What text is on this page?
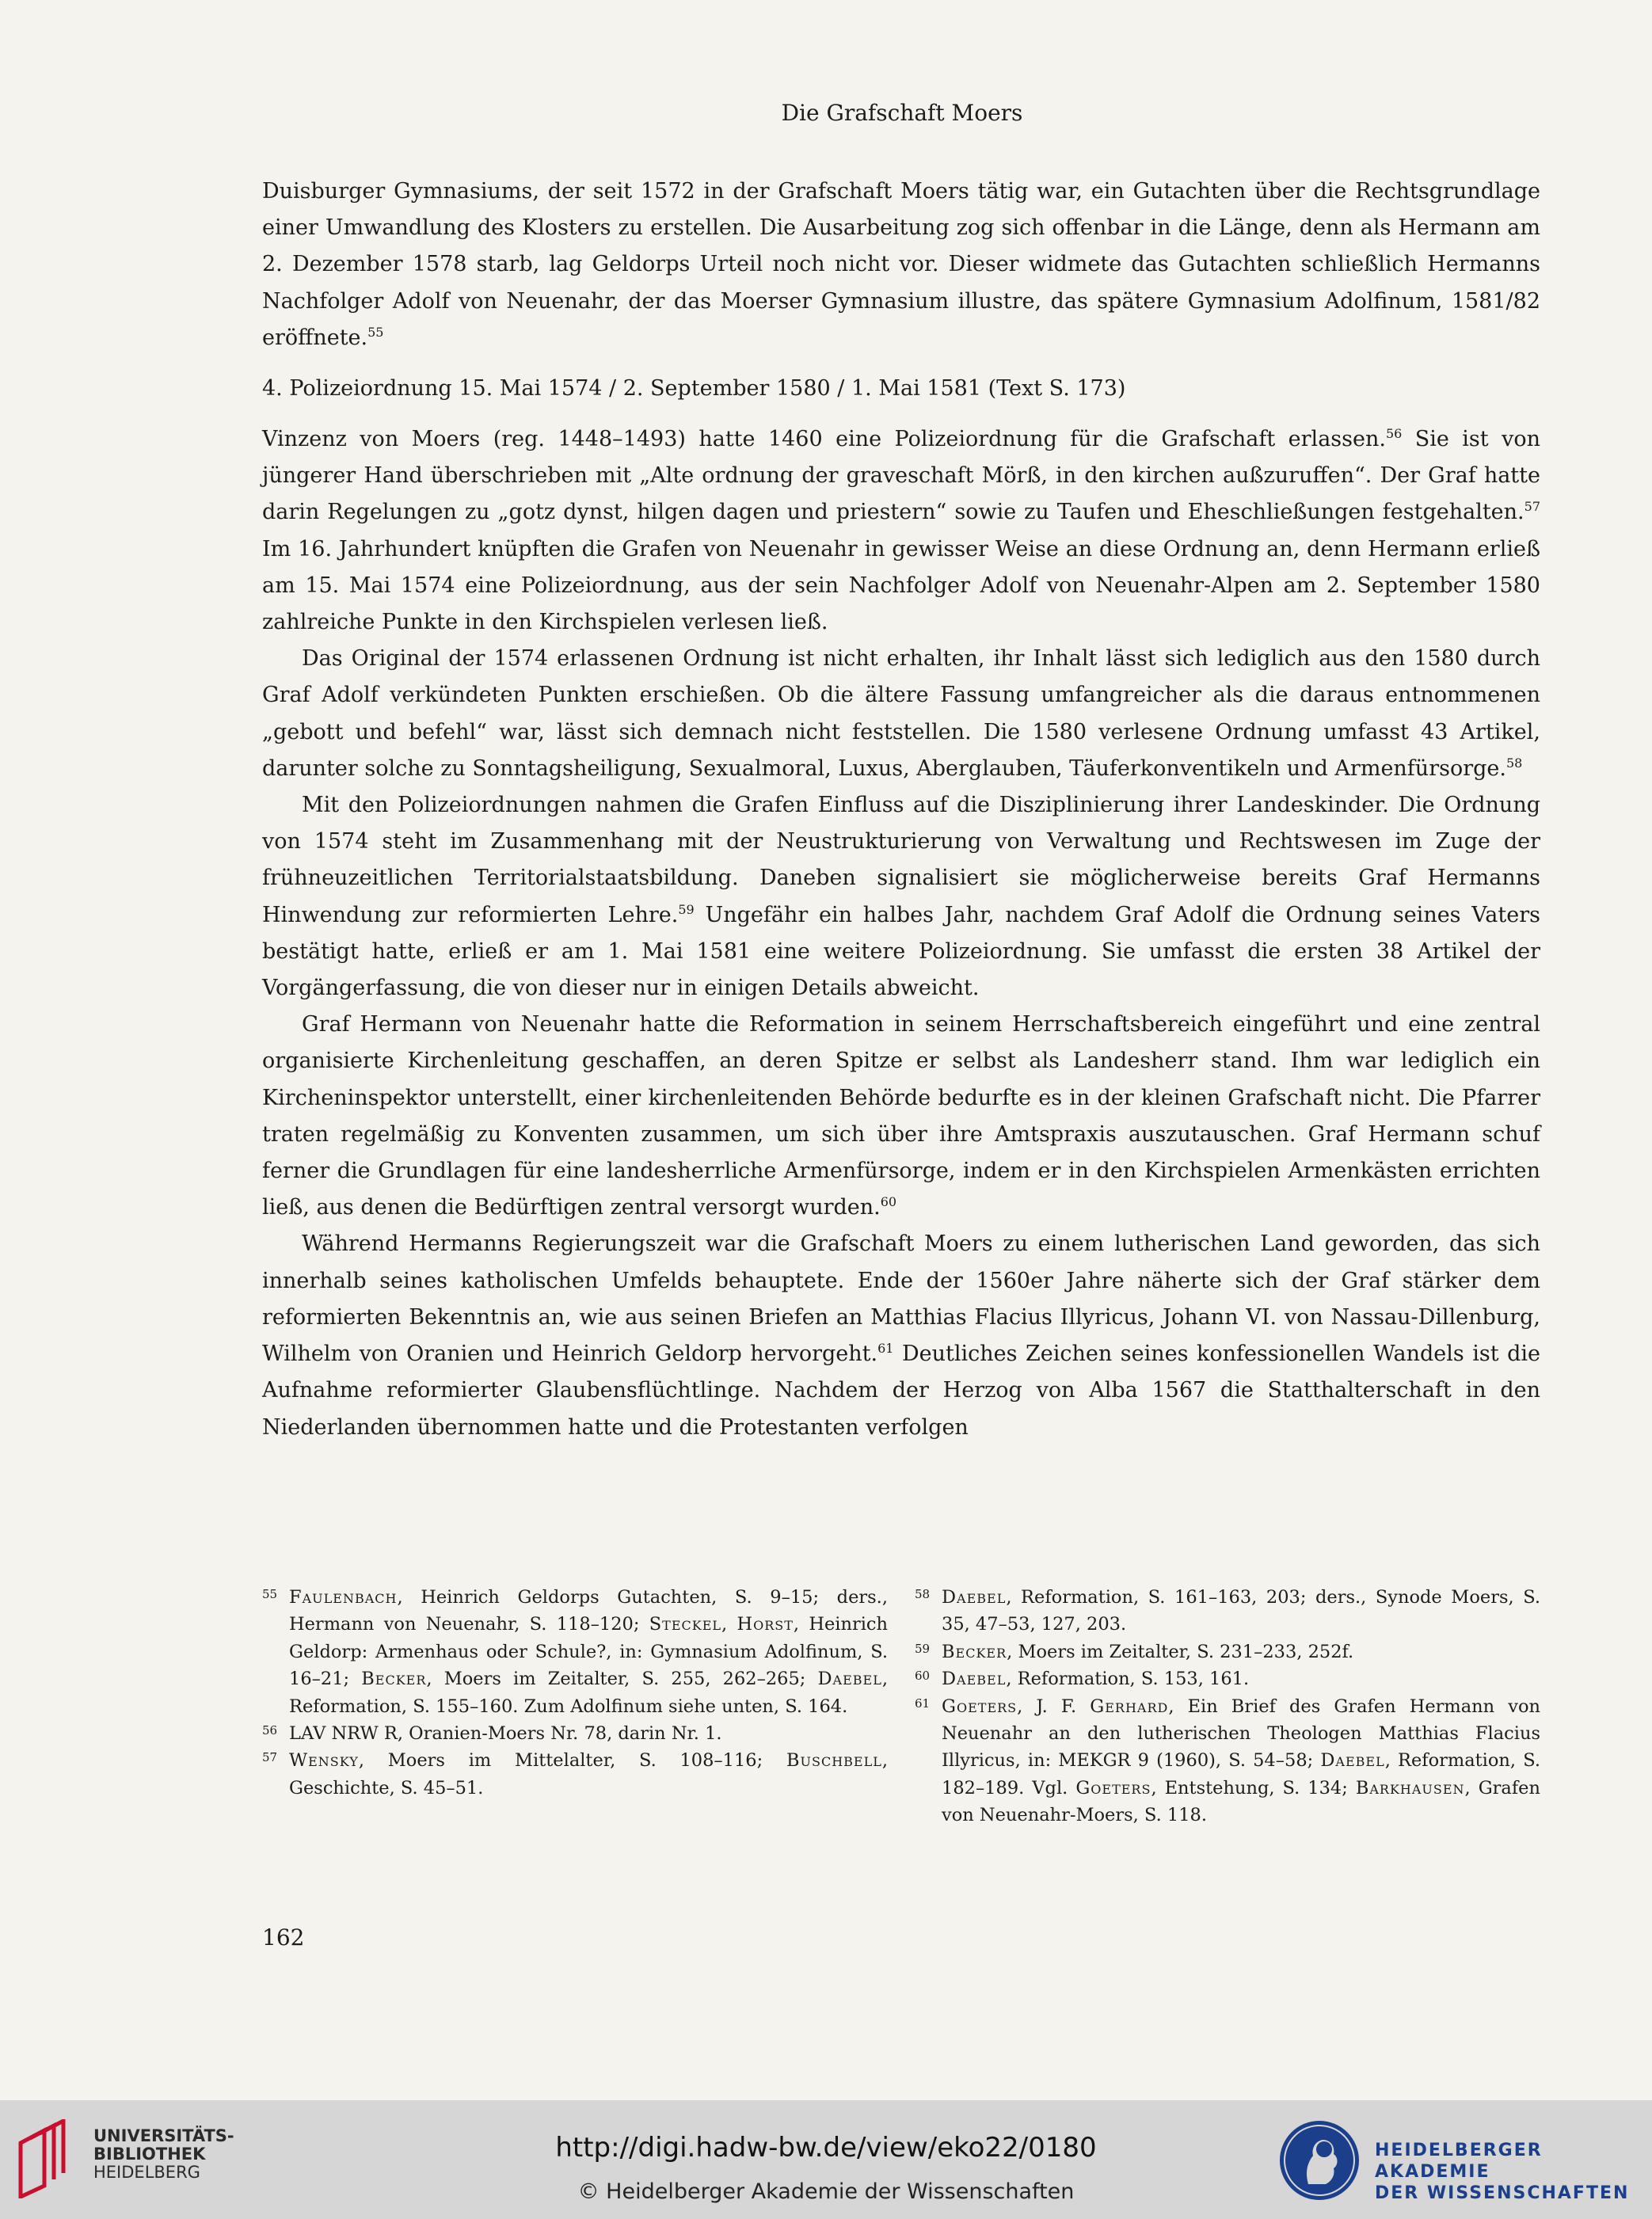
Die Grafschaft Moers

Duisburger Gymnasiums, der seit 1572 in der Grafschaft Moers tätig war, ein Gutachten über die Rechtsgrundlage einer Umwandlung des Klosters zu erstellen. Die Ausarbeitung zog sich offenbar in die Länge, denn als Hermann am 2. Dezember 1578 starb, lag Geldorps Urteil noch nicht vor. Dieser widmete das Gutachten schließlich Hermanns Nachfolger Adolf von Neuenahr, der das Moerser Gymnasium illustre, das spätere Gymnasium Adolfinum, 1581/82 eröffnete.$^{55}$

4. Polizeiordnung 15. Mai 1574 / 2. September 1580 / 1. Mai 1581 (Text S. 173)

Vinzenz von Moers (reg. 1448–1493) hatte 1460 eine Polizeiordnung für die Grafschaft erlassen.$^{56}$ Sie ist von jüngerer Hand überschrieben mit „Alte ordnung der graveschaft Mörß, in den kirchen außzuruffen“. Der Graf hatte darin Regelungen zu „gotz dynst, hilgen dagen und priestern“ sowie zu Taufen und Eheschließungen festgehalten.$^{57}$ Im 16. Jahrhundert knüpften die Grafen von Neuenahr in gewisser Weise an diese Ordnung an, denn Hermann erließ am 15. Mai 1574 eine Polizeiordnung, aus der sein Nachfolger Adolf von Neuenahr-Alpen am 2. September 1580 zahlreiche Punkte in den Kirchspielen verlesen ließ.

Das Original der 1574 erlassenen Ordnung ist nicht erhalten, ihr Inhalt lässt sich lediglich aus den 1580 durch Graf Adolf verkündeten Punkten erschießen. Ob die ältere Fassung umfangreicher als die daraus entnommenen „gebott und befehl“ war, lässt sich demnach nicht feststellen. Die 1580 verlesene Ordnung umfasst 43 Artikel, darunter solche zu Sonntagsheiligung, Sexualmoral, Luxus, Aberglauben, Täuferkonventikeln und Armenfürsorge.$^{58}$

Mit den Polizeiordnungen nahmen die Grafen Einfluss auf die Disziplinierung ihrer Landeskinder. Die Ordnung von 1574 steht im Zusammenhang mit der Neustrukturierung von Verwaltung und Rechtswesen im Zuge der frühneuzeitlichen Territorialstaatsbildung. Daneben signalisiert sie möglicherweise bereits Graf Hermanns Hinwendung zur reformierten Lehre.$^{59}$ Ungefähr ein halbes Jahr, nachdem Graf Adolf die Ordnung seines Vaters bestätigt hatte, erließ er am 1. Mai 1581 eine weitere Polizeiordnung. Sie umfasst die ersten 38 Artikel der Vorgängerfassung, die von dieser nur in einigen Details abweicht.

Graf Hermann von Neuenahr hatte die Reformation in seinem Herrschaftsbereich eingeführt und eine zentral organisierte Kirchenleitung geschaffen, an deren Spitze er selbst als Landesherr stand. Ihm war lediglich ein Kircheninspektor unterstellt, einer kirchenleitenden Behörde bedurfte es in der kleinen Grafschaft nicht. Die Pfarrer traten regelmäßig zu Konventen zusammen, um sich über ihre Amtspraxis auszutauschen. Graf Hermann schuf ferner die Grundlagen für eine landesherrliche Armenfürsorge, indem er in den Kirchspielen Armenkästen errichten ließ, aus denen die Bedürftigen zentral versorgt wurden.$^{60}$

Während Hermanns Regierungszeit war die Grafschaft Moers zu einem lutherischen Land geworden, das sich innerhalb seines katholischen Umfelds behauptete. Ende der 1560er Jahre näherte sich der Graf stärker dem reformierten Bekenntnis an, wie aus seinen Briefen an Matthias Flacius Illyricus, Johann VI. von Nassau-Dillenburg, Wilhelm von Oranien und Heinrich Geldorp hervorgeht.$^{61}$ Deutliches Zeichen seines konfessionellen Wandels ist die Aufnahme reformierter Glaubensflüchtlinge. Nachdem der Herzog von Alba 1567 die Statthalterschaft in den Niederlanden übernommen hatte und die Protestanten verfolgen

55 Faulenbach, Heinrich Geldorps Gutachten, S. 9–15; ders., Hermann von Neuenahr, S. 118–120; Steckel, Horst, Heinrich Geldorp: Armenhaus oder Schule?, in: Gymnasium Adolfinum, S. 16–21; Becker, Moers im Zeitalter, S. 255, 262–265; Daebel, Reformation, S. 155–160. Zum Adolfinum siehe unten, S. 164.
56 LAV NRW R, Oranien-Moers Nr. 78, darin Nr. 1.
57 Wensky, Moers im Mittelalter, S. 108–116; Buschbell, Geschichte, S. 45–51.
58 Daebel, Reformation, S. 161–163, 203; ders., Synode Moers, S. 35, 47–53, 127, 203.
59 Becker, Moers im Zeitalter, S. 231–233, 252f.
60 Daebel, Reformation, S. 153, 161.
61 Goeters, J. F. Gerhard, Ein Brief des Grafen Hermann von Neuenahr an den lutherischen Theologen Matthias Flacius Illyricus, in: MEKGR 9 (1960), S. 54–58; Daebel, Reformation, S. 182–189. Vgl. Goeters, Entstehung, S. 134; Barkhausen, Grafen von Neuenahr-Moers, S. 118.
162
UNIVERSITÄTS-
BIBLIOTHEK
HEIDELBERG
http://digi.hadw-bw.de/view/eko22/0180
© Heidelberger Akademie der Wissenschaften
HEIDELBERGER AKADEMIE
DER WISSENSCHAFTEN
